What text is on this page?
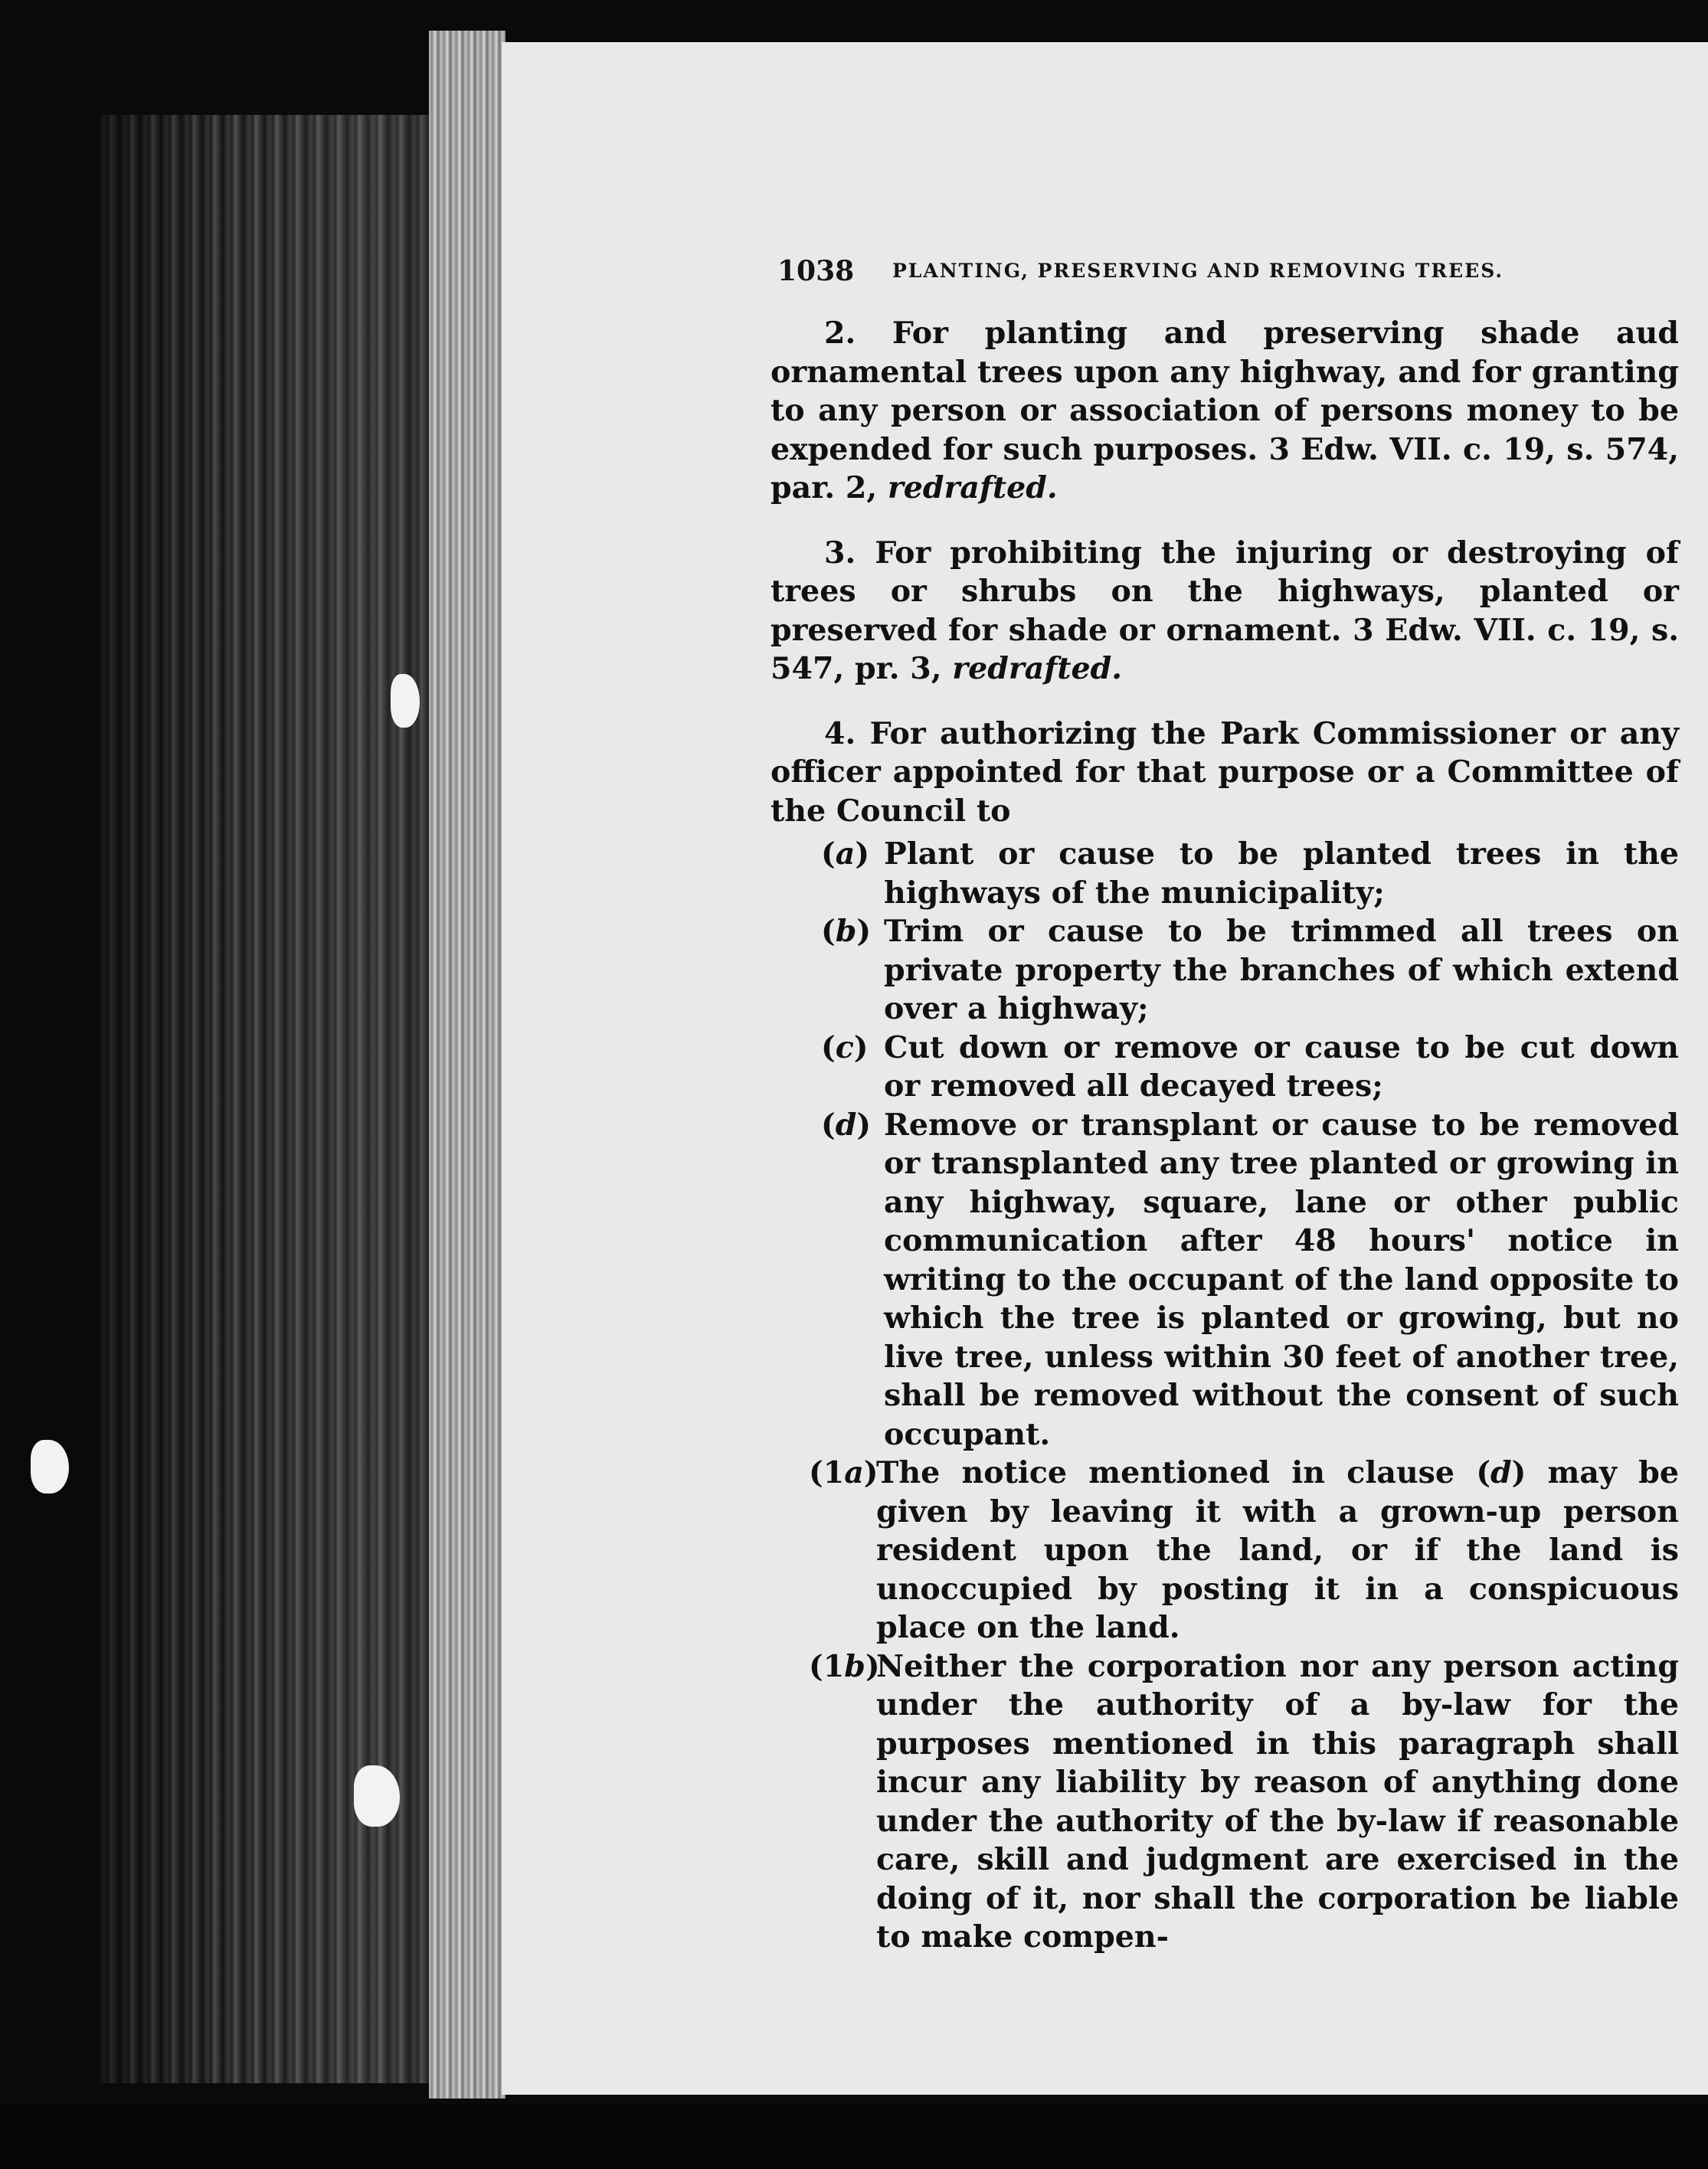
1038 PLANTING, PRESERVING AND REMOVING TREES.

2. For planting and preserving shade aud ornamental trees upon any highway, and for granting to any person or association of persons money to be expended for such purposes. 3 Edw. VII. c. 19, s. 574, par. 2, redrafted.

3. For prohibiting the injuring or destroying of trees or shrubs on the highways, planted or preserved for shade or ornament. 3 Edw. VII. c. 19, s. 547, pr. 3, redrafted.

4. For authorizing the Park Commissioner or any officer appointed for that purpose or a Committee of the Council to

(a) Plant or cause to be planted trees in the highways of the municipality;

(b) Trim or cause to be trimmed all trees on private property the branches of which extend over a highway;

(c) Cut down or remove or cause to be cut down or removed all decayed trees;

(d) Remove or transplant or cause to be removed or transplanted any tree planted or growing in any highway, square, lane or other public communication after 48 hours' notice in writing to the occupant of the land opposite to which the tree is planted or growing, but no live tree, unless within 30 feet of another tree, shall be removed without the consent of such occupant.

(1a)
The notice mentioned in clause (d) may be given by leaving it with a grown-up person resident upon the land, or if the land is unoccupied by posting it in a conspicuous place on the land.

(1b)
Neither the corporation nor any person acting under the authority of a by-law for the purposes mentioned in this paragraph shall incur any liability by reason of anything done under the authority of the by-law if reasonable care, skill and judgment are exercised in the doing of it, nor shall the corporation be liable to make compen-
